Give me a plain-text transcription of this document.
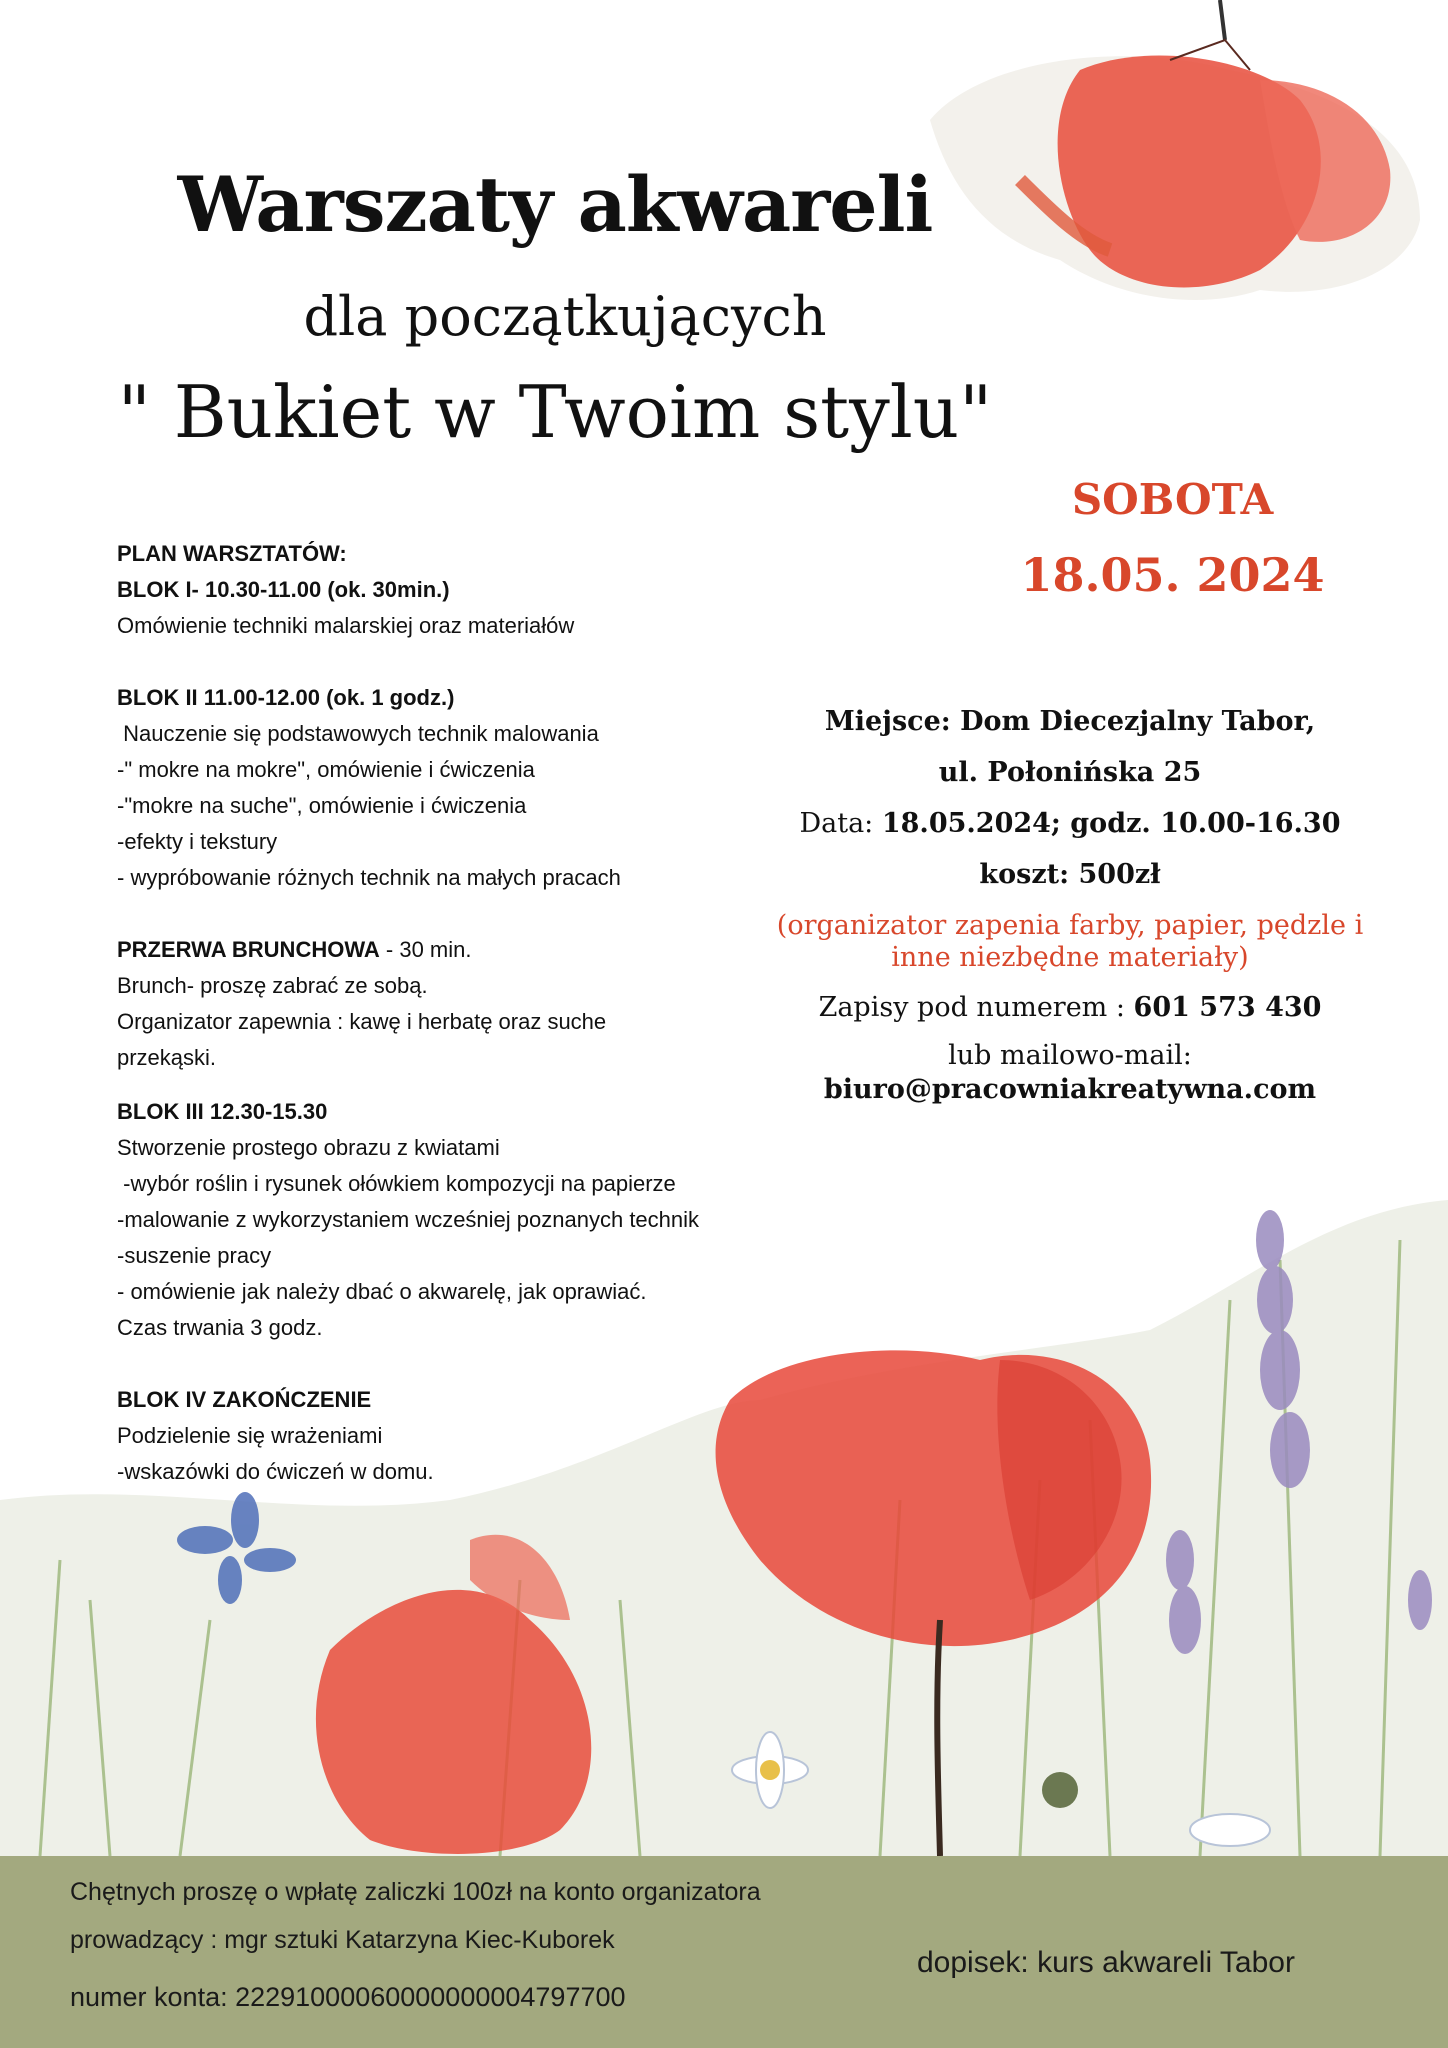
Warszaty akwareli
dla początkujących
" Bukiet w Twoim stylu"
SOBOTA
18.05. 2024
PLAN WARSZTATÓW:
BLOK I- 10.30-11.00 (ok. 30min.)
Omówienie techniki malarskiej oraz materiałów
BLOK II 11.00-12.00 (ok. 1 godz.)
Nauczenie się podstawowych technik malowania
-" mokre na mokre", omówienie i ćwiczenia
-"mokre na suche", omówienie i ćwiczenia
-efekty i tekstury
- wypróbowanie różnych technik na małych pracach
PRZERWA BRUNCHOWA - 30 min.
Brunch- proszę zabrać ze sobą.
Organizator zapewnia : kawę i herbatę oraz suche
przekąski.
BLOK III 12.30-15.30
Stworzenie prostego obrazu z kwiatami
-wybór roślin i rysunek ołówkiem kompozycji na papierze
-malowanie z wykorzystaniem wcześniej poznanych technik
-suszenie pracy
- omówienie jak należy dbać o akwarelę, jak oprawiać.
Czas trwania 3 godz.
BLOK IV ZAKOŃCZENIE
Podzielenie się wrażeniami
-wskazówki do ćwiczeń w domu.
Miejsce: Dom Diecezjalny Tabor,
ul. Połonińska 25
Data: 18.05.2024; godz. 10.00-16.30
koszt: 500zł
(organizator zapenia farby, papier, pędzle i inne niezbędne materiały)
Zapisy pod numerem : 601 573 430
lub mailowo-mail:
biuro@pracowniakreatywna.com
Chętnych proszę o wpłatę zaliczki 100zł na konto organizatora
prowadzący : mgr sztuki Katarzyna Kiec-Kuborek
numer konta: 22291000060000000004797700
dopisek: kurs akwareli Tabor
